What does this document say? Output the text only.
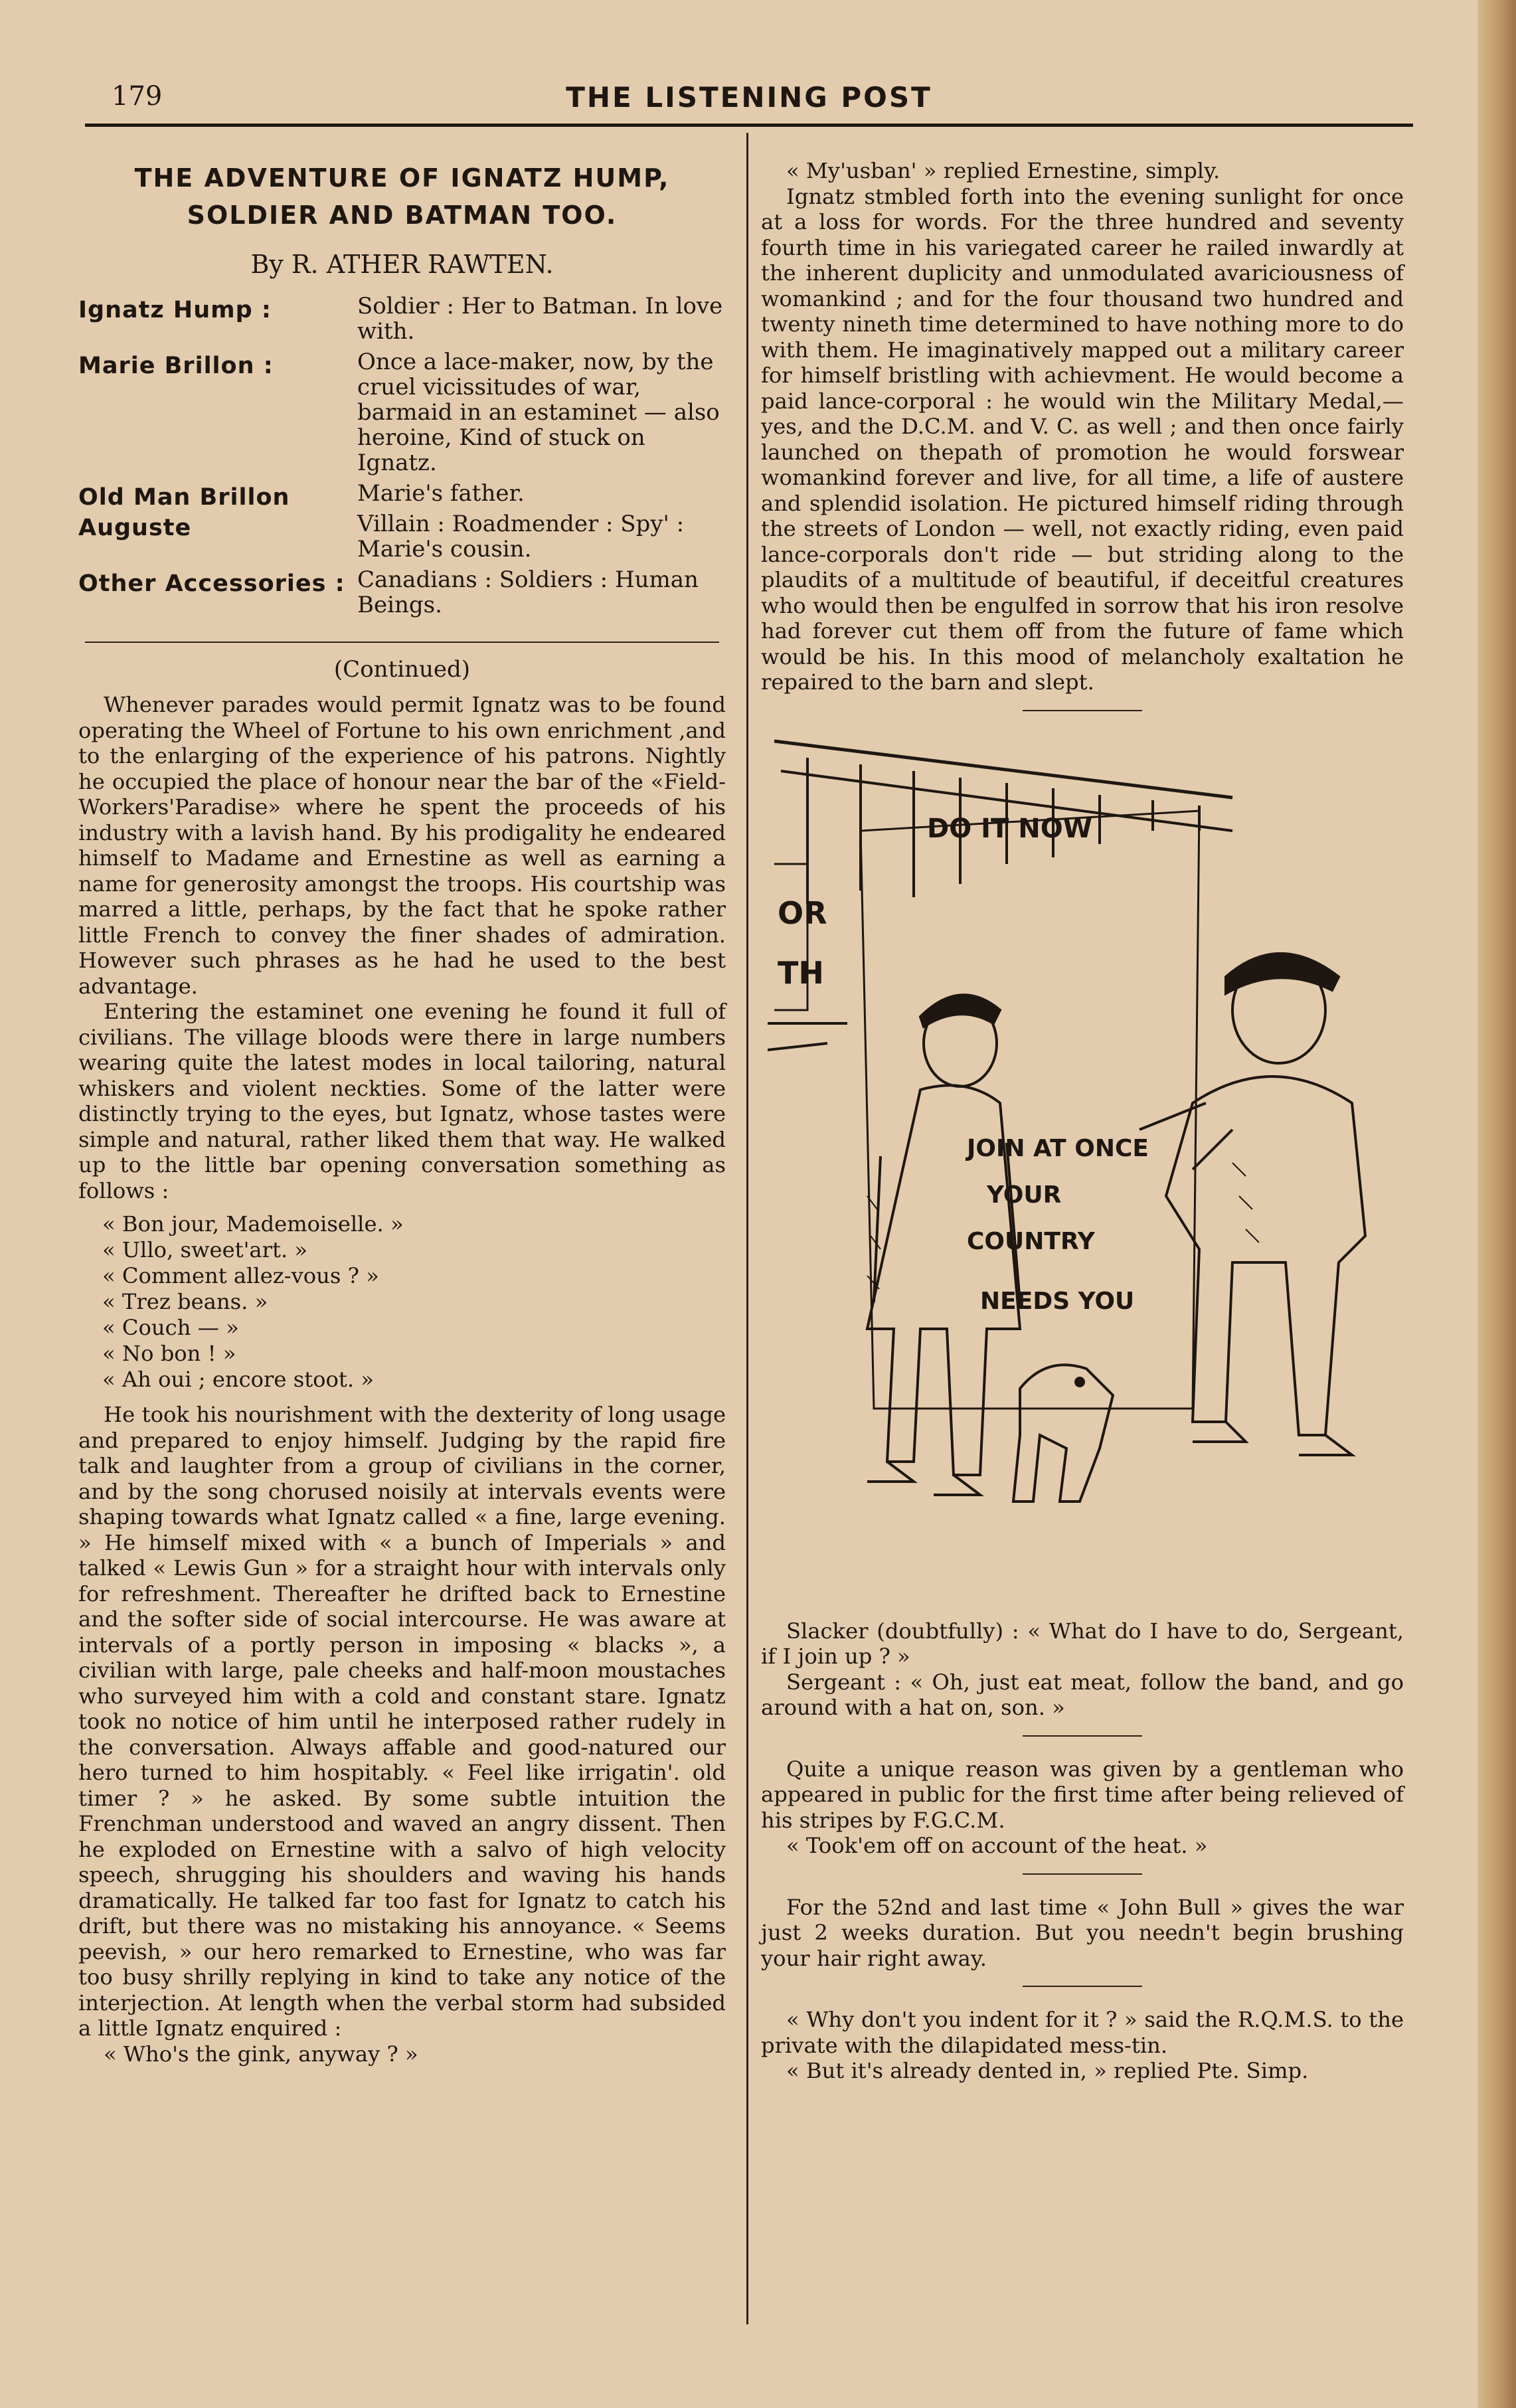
179	THE LISTENING POST
THE ADVENTURE OF IGNATZ HUMP,
SOLDIER AND BATMAN TOO.
By R. ATHER RAWTEN.
Ignatz Hump :	Soldier : Her to Batman. In love with.
Marie Brillon :	Once a lace-maker, now, by the cruel vicissitudes of war, barmaid in an estaminet — also heroine, Kind of stuck on Ignatz.
Old Man Brillon	Marie's father.
Auguste	Villain : Roadmender : Spy' : Marie's cousin.
Other Accessories :	Canadians : Soldiers : Human Beings.
(Continued)

Whenever parades would permit Ignatz was to be found operating the Wheel of Fortune to his own enrichment ,and to the enlarging of the experience of his patrons. Nightly he occupied the place of honour near the bar of the «Field-Workers'Paradise» where he spent the proceeds of his industry with a lavish hand. By his prodigality he endeared himself to Madame and Ernestine as well as earning a name for generosity amongst the troops. His courtship was marred a little, perhaps, by the fact that he spoke rather little French to convey the finer shades of admiration. However such phrases as he had he used to the best advantage.

Entering the estaminet one evening he found it full of civilians. The village bloods were there in large numbers wearing quite the latest modes in local tailoring, natural whiskers and violent neckties. Some of the latter were distinctly trying to the eyes, but Ignatz, whose tastes were simple and natural, rather liked them that way. He walked up to the little bar opening conversation something as follows :

« Bon jour, Mademoiselle. »
« Ullo, sweet'art. »
« Comment allez-vous ? »
« Trez beans. »
« Couch — »
« No bon ! »
« Ah oui ; encore stoot. »

He took his nourishment with the dexterity of long usage and prepared to enjoy himself. Judging by the rapid fire talk and laughter from a group of civilians in the corner, and by the song chorused noisily at intervals events were shaping towards what Ignatz called « a fine, large evening. » He himself mixed with « a bunch of Imperials » and talked « Lewis Gun » for a straight hour with intervals only for refreshment. Thereafter he drifted back to Ernestine and the softer side of social intercourse. He was aware at intervals of a portly person in imposing « blacks », a civilian with large, pale cheeks and half-moon moustaches who surveyed him with a cold and constant stare. Ignatz took no notice of him until he interposed rather rudely in the conversation. Always affable and good-natured our hero turned to him hospitably. « Feel like irrigatin'. old timer ? » he asked. By some subtle intuition the Frenchman understood and waved an angry dissent. Then he exploded on Ernestine with a salvo of high velocity speech, shrugging his shoulders and waving his hands dramatically. He talked far too fast for Ignatz to catch his drift, but there was no mistaking his annoyance. « Seems peevish, » our hero remarked to Ernestine, who was far too busy shrilly replying in kind to take any notice of the interjection. At length when the verbal storm had subsided a little Ignatz enquired :

« Who's the gink, anyway ? »

« My'usban' » replied Ernestine, simply.

Ignatz stmbled forth into the evening sunlight for once at a loss for words. For the three hundred and seventy fourth time in his variegated career he railed inwardly at the inherent duplicity and unmodulated avariciousness of womankind ; and for the four thousand two hundred and twenty nineth time determined to have nothing more to do with them. He imaginatively mapped out a military career for himself bristling with achievment. He would become a paid lance-corporal : he would win the Military Medal,— yes, and the D.C.M. and V. C. as well ; and then once fairly launched on thepath of promotion he would forswear womankind forever and live, for all time, a life of austere and splendid isolation. He pictured himself riding through the streets of London — well, not exactly riding, even paid lance-corporals don't ride — but striding along to the plaudits of a multitude of beautiful, if deceitful creatures who would then be engulfed in sorrow that his iron resolve had forever cut them off from the future of fame which would be his. In this mood of melancholy exaltation he repaired to the barn and slept.

DO IT NOW
OR
TH
JOIN AT ONCE
YOUR
COUNTRY
NEEDS YOU

Slacker (doubtfully) : « What do I have to do, Sergeant, if I join up ? »

Sergeant : « Oh, just eat meat, follow the band, and go around with a hat on, son. »

Quite a unique reason was given by a gentleman who appeared in public for the first time after being relieved of his stripes by F.G.C.M.

« Took'em off on account of the heat. »

For the 52nd and last time « John Bull » gives the war just 2 weeks duration. But you needn't begin brushing your hair right away.

« Why don't you indent for it ? » said the R.Q.M.S. to the private with the dilapidated mess-tin.

« But it's already dented in, » replied Pte. Simp.
